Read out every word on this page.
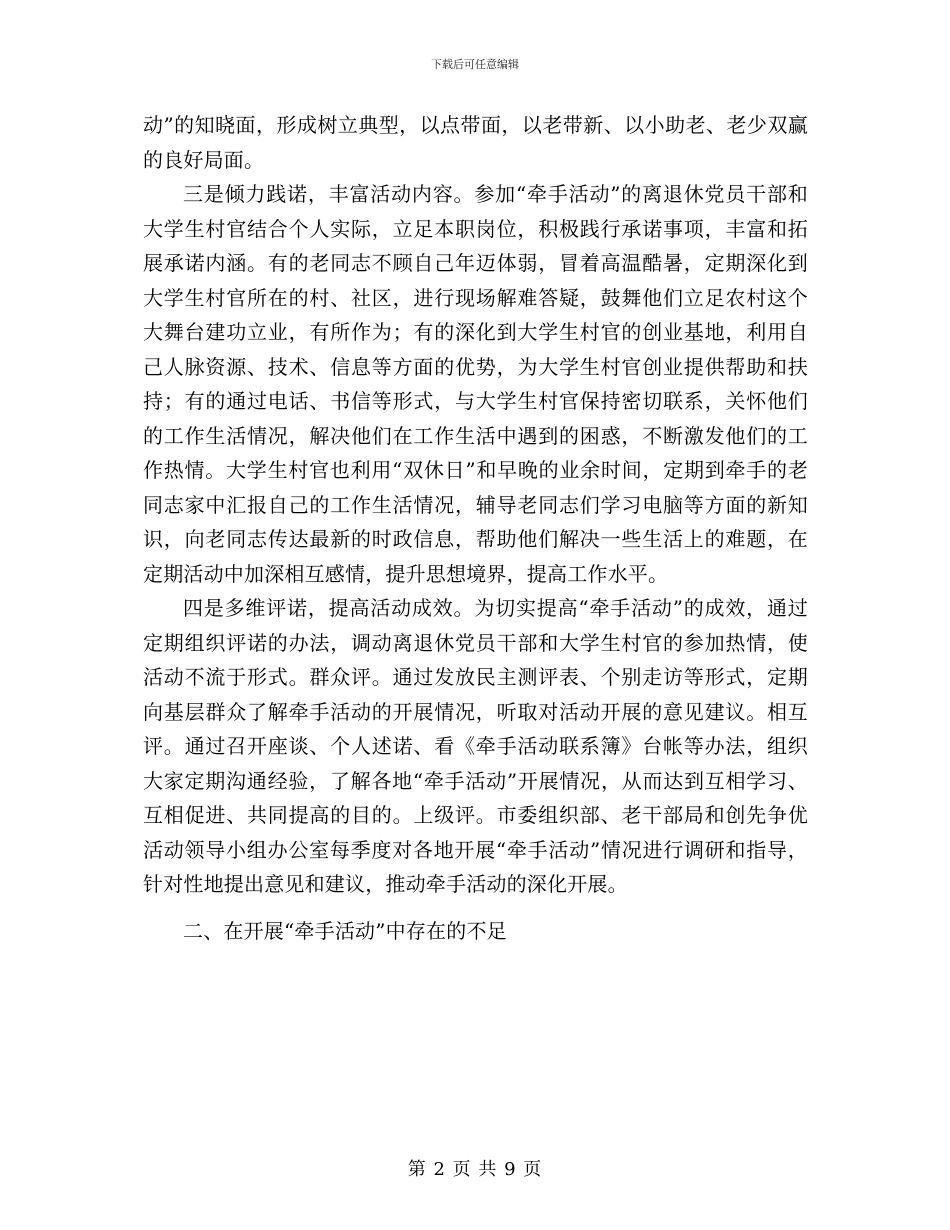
下载后可任意编辑

动”的知晓面，形成树立典型，以点带面，以老带新、以小助老、老少双赢的良好局面。

三是倾力践诺，丰富活动内容。参加“牵手活动”的离退休党员干部和大学生村官结合个人实际，立足本职岗位，积极践行承诺事项，丰富和拓展承诺内涵。有的老同志不顾自己年迈体弱，冒着高温酷暑，定期深化到大学生村官所在的村、社区，进行现场解难答疑，鼓舞他们立足农村这个大舞台建功立业，有所作为；有的深化到大学生村官的创业基地，利用自己人脉资源、技术、信息等方面的优势，为大学生村官创业提供帮助和扶持；有的通过电话、书信等形式，与大学生村官保持密切联系，关怀他们的工作生活情况，解决他们在工作生活中遇到的困惑，不断激发他们的工作热情。大学生村官也利用“双休日”和早晚的业余时间，定期到牵手的老同志家中汇报自己的工作生活情况，辅导老同志们学习电脑等方面的新知识，向老同志传达最新的时政信息，帮助他们解决一些生活上的难题，在定期活动中加深相互感情，提升思想境界，提高工作水平。

四是多维评诺，提高活动成效。为切实提高“牵手活动”的成效，通过定期组织评诺的办法，调动离退休党员干部和大学生村官的参加热情，使活动不流于形式。群众评。通过发放民主测评表、个别走访等形式，定期向基层群众了解牵手活动的开展情况，听取对活动开展的意见建议。相互评。通过召开座谈、个人述诺、看《牵手活动联系簿》台帐等办法，组织大家定期沟通经验，了解各地“牵手活动”开展情况，从而达到互相学习、互相促进、共同提高的目的。上级评。市委组织部、老干部局和创先争优活动领导小组办公室每季度对各地开展“牵手活动”情况进行调研和指导，针对性地提出意见和建议，推动牵手活动的深化开展。

二、在开展“牵手活动”中存在的不足

第 2 页 共 9 页
